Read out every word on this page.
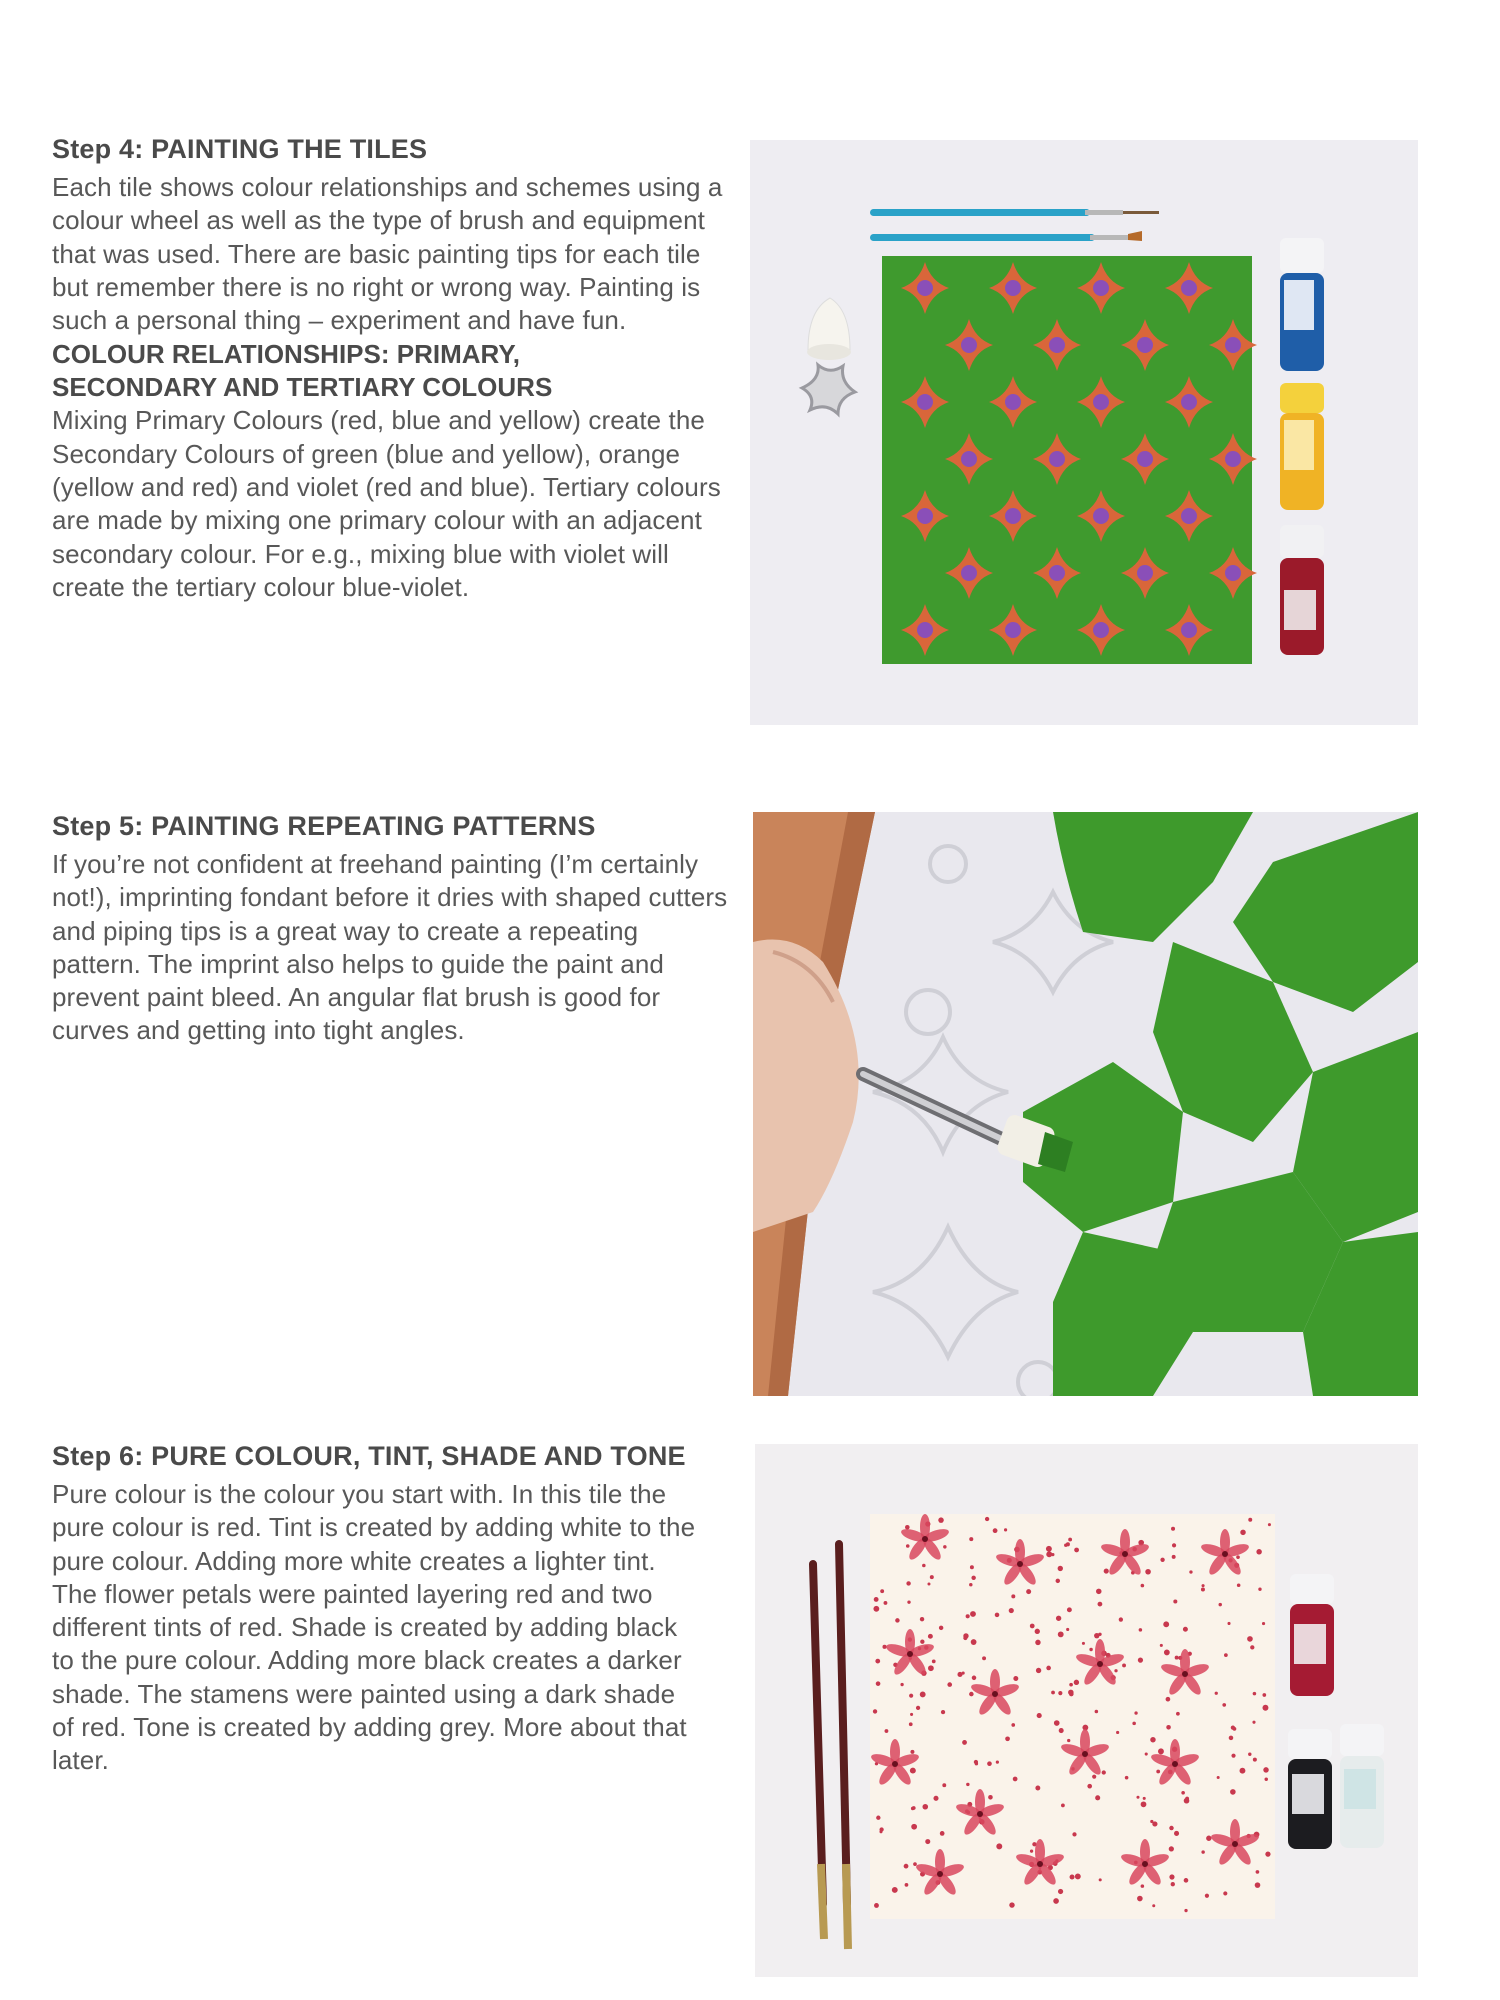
Step 4: PAINTING THE TILES

Each tile shows colour relationships and schemes using a colour wheel as well as the type of brush and equipment that was used. There are basic painting tips for each tile but remember there is no right or wrong way. Painting is such a personal thing – experiment and have fun.

COLOUR RELATIONSHIPS: PRIMARY, SECONDARY AND TERTIARY COLOURS

Mixing Primary Colours (red, blue and yellow) create the Secondary Colours of green (blue and yellow), orange (yellow and red) and violet (red and blue). Tertiary colours are made by mixing one primary colour with an adjacent secondary colour. For e.g., mixing blue with violet will create the tertiary colour blue-violet.

Step 5: PAINTING REPEATING PATTERNS

If you’re not confident at freehand painting (I’m certainly not!), imprinting fondant before it dries with shaped cutters and piping tips is a great way to create a repeating pattern. The imprint also helps to guide the paint and prevent paint bleed. An angular flat brush is good for curves and getting into tight angles.

Step 6: PURE COLOUR, TINT, SHADE AND TONE

Pure colour is the colour you start with. In this tile the pure colour is red. Tint is created by adding white to the pure colour. Adding more white creates a lighter tint. The flower petals were painted layering red and two different tints of red. Shade is created by adding black to the pure colour. Adding more black creates a darker shade. The stamens were painted using a dark shade of red. Tone is created by adding grey. More about that later.
